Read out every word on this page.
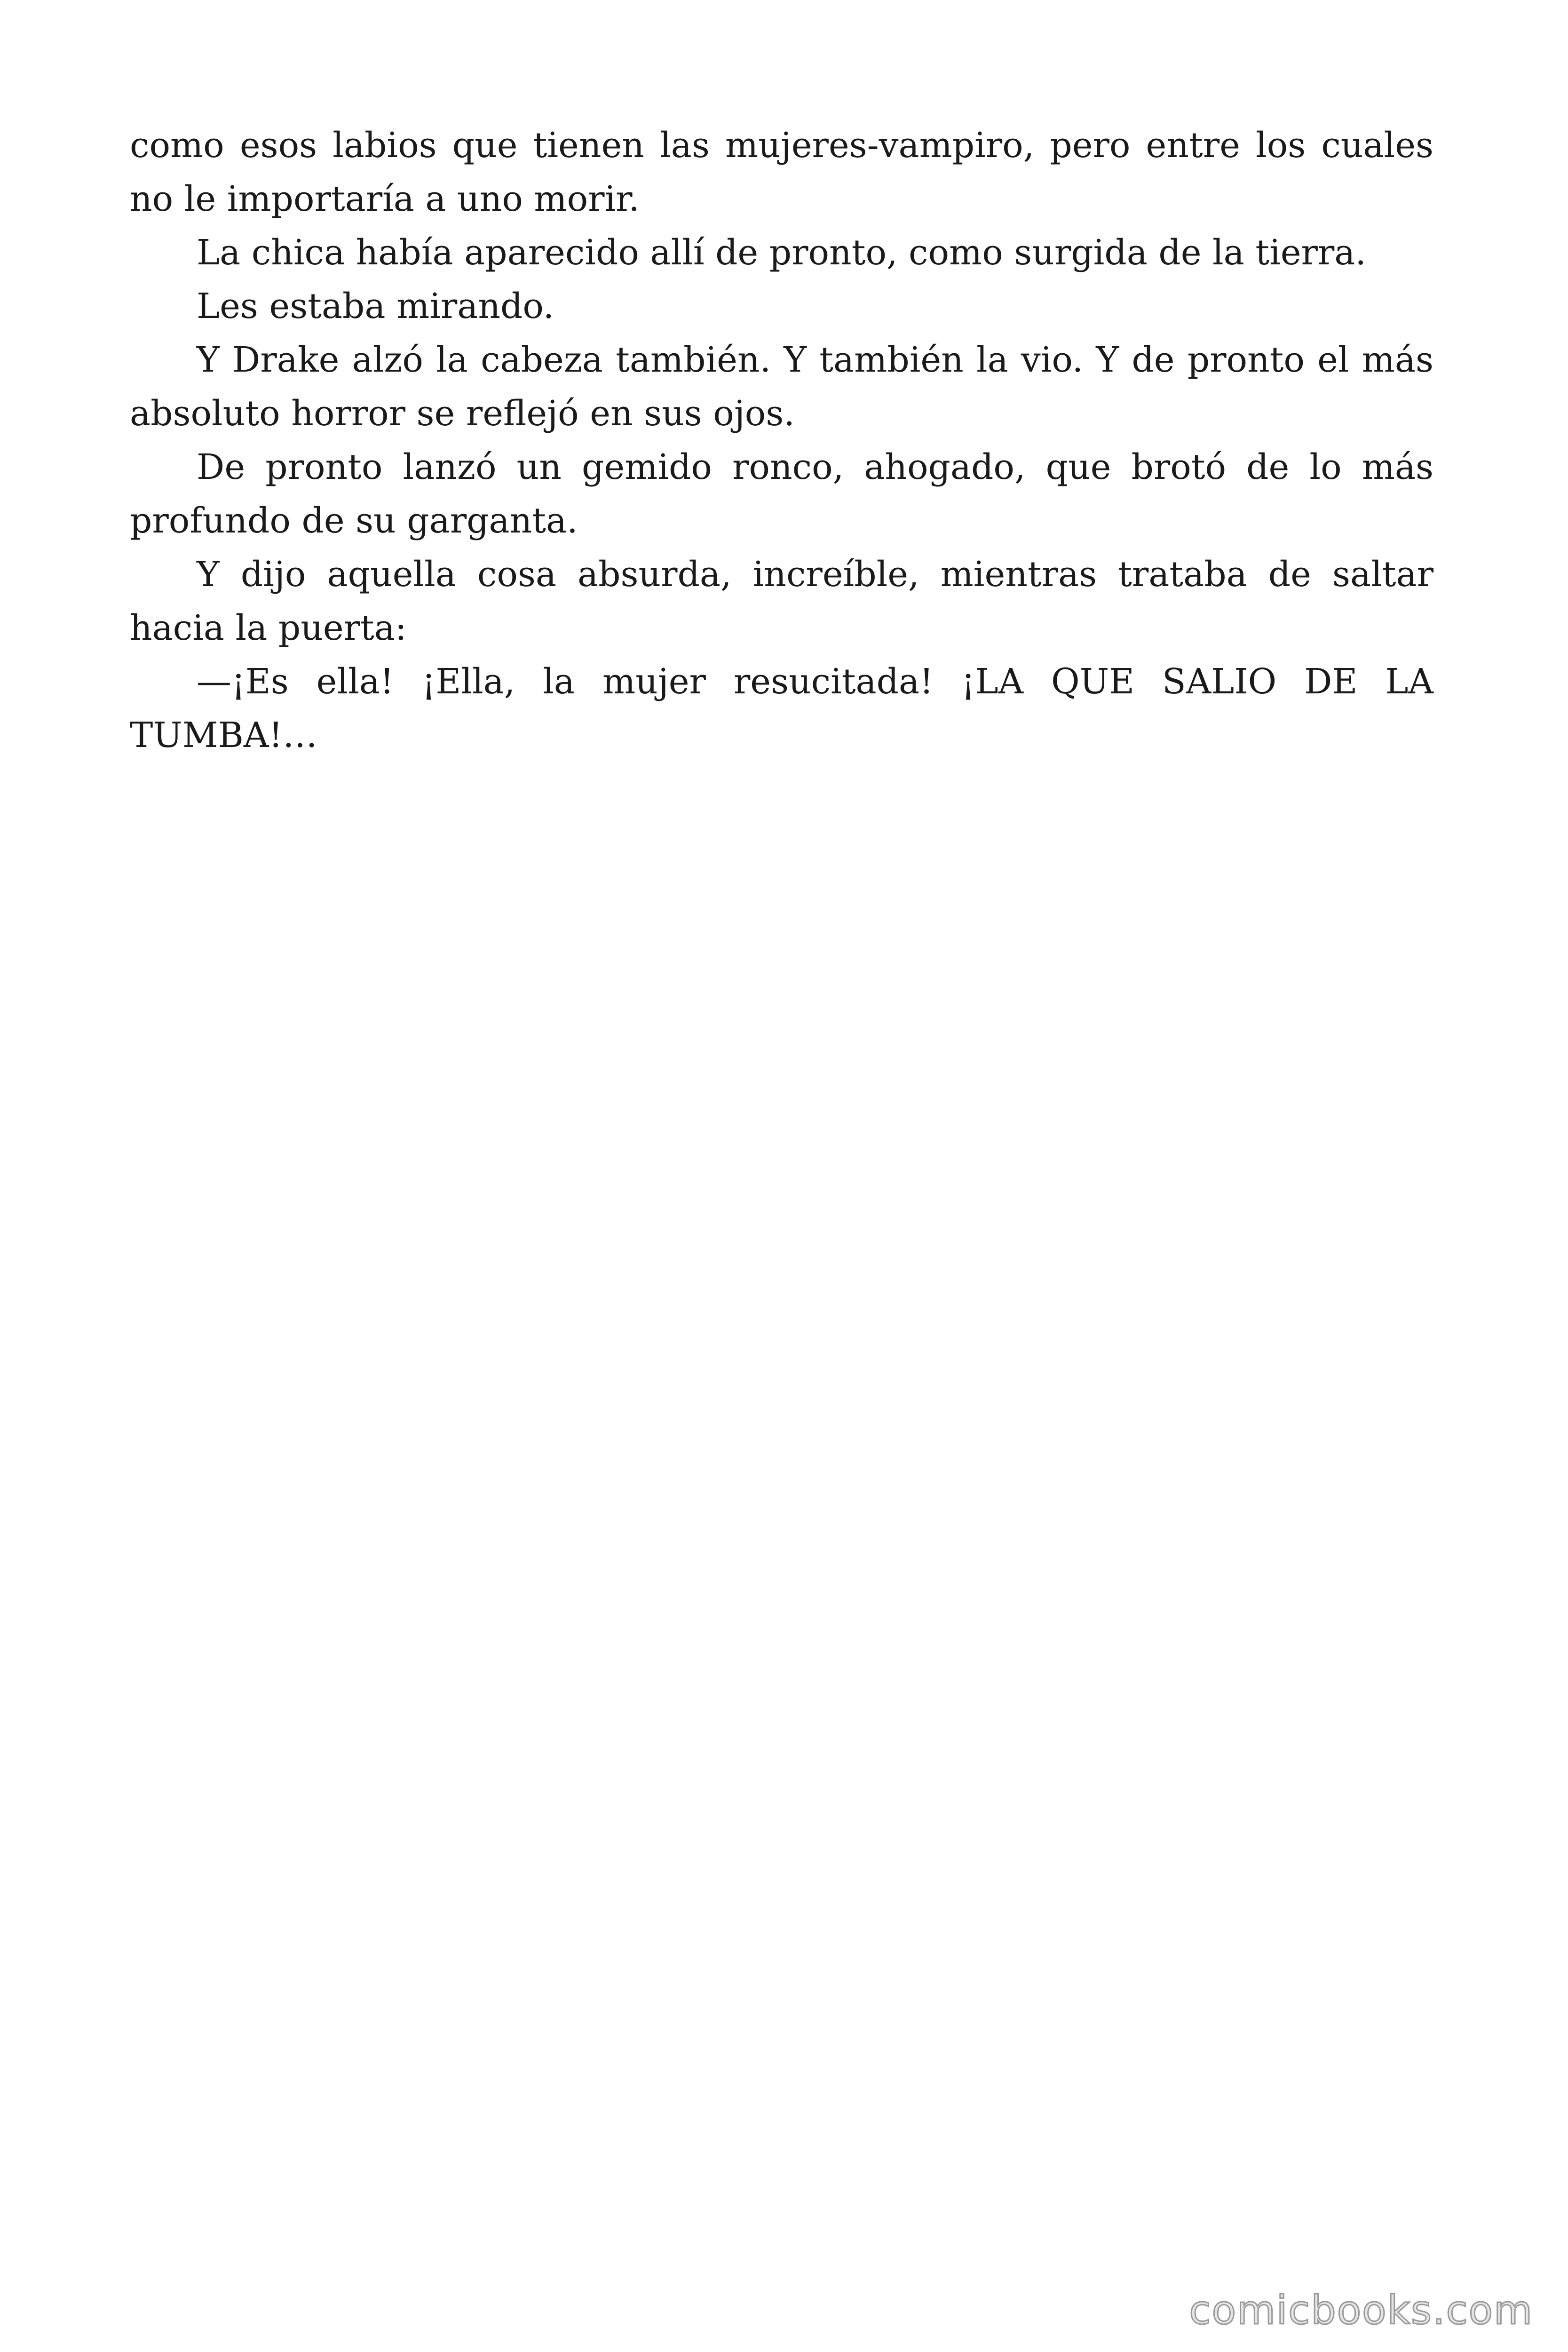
como esos labios que tienen las mujeres-vampiro, pero entre los cuales no le importaría a uno morir.

La chica había aparecido allí de pronto, como surgida de la tierra.

Les estaba mirando.

Y Drake alzó la cabeza también. Y también la vio. Y de pronto el más absoluto horror se reflejó en sus ojos.

De pronto lanzó un gemido ronco, ahogado, que brotó de lo más profundo de su garganta.

Y dijo aquella cosa absurda, increíble, mientras trataba de saltar hacia la puerta:

—¡Es ella! ¡Ella, la mujer resucitada! ¡LA QUE SALIO DE LA TUMBA!…

comicbooks.com
